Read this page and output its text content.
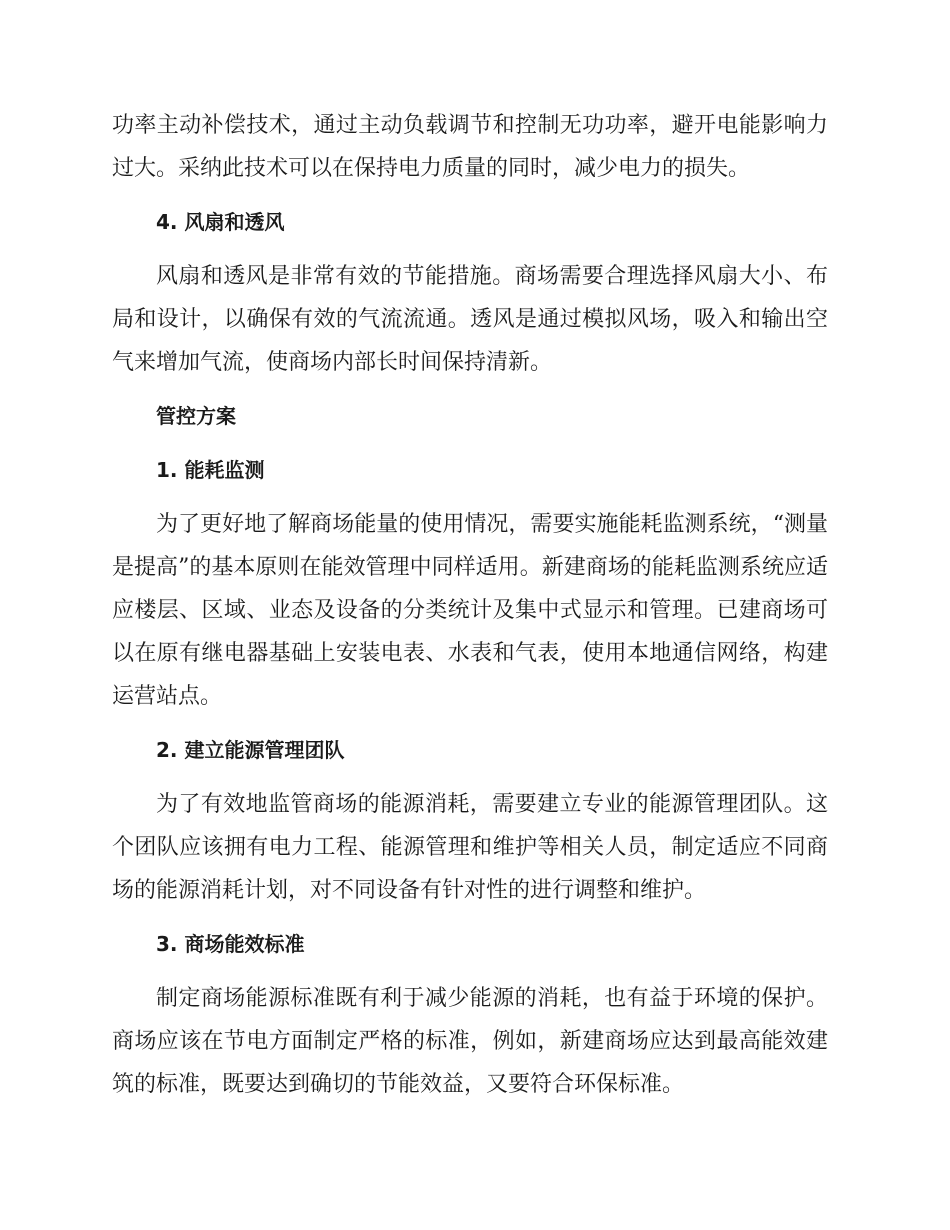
功率主动补偿技术，通过主动负载调节和控制无功功率，避开电能影响力过大。采纳此技术可以在保持电力质量的同时，减少电力的损失。

4. 风扇和透风

风扇和透风是非常有效的节能措施。商场需要合理选择风扇大小、布局和设计，以确保有效的气流流通。透风是通过模拟风场，吸入和输出空气来增加气流，使商场内部长时间保持清新。

管控方案
1. 能耗监测

为了更好地了解商场能量的使用情况，需要实施能耗监测系统，“测量是提高”的基本原则在能效管理中同样适用。新建商场的能耗监测系统应适应楼层、区域、业态及设备的分类统计及集中式显示和管理。已建商场可以在原有继电器基础上安装电表、水表和气表，使用本地通信网络，构建运营站点。

2. 建立能源管理团队

为了有效地监管商场的能源消耗，需要建立专业的能源管理团队。这个团队应该拥有电力工程、能源管理和维护等相关人员，制定适应不同商场的能源消耗计划，对不同设备有针对性的进行调整和维护。

3. 商场能效标准

制定商场能源标准既有利于减少能源的消耗，也有益于环境的保护。商场应该在节电方面制定严格的标准，例如，新建商场应达到最高能效建筑的标准，既要达到确切的节能效益，又要符合环保标准。
